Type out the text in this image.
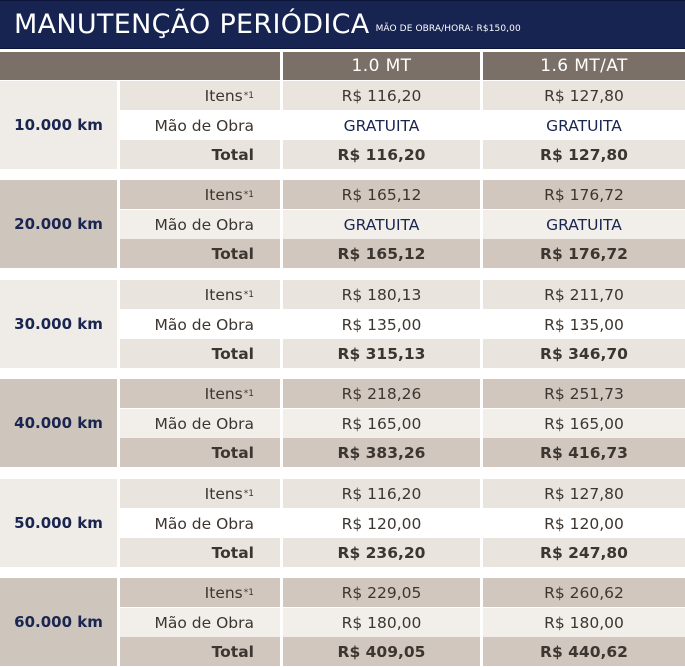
MANUTENÇÃO PERIÓDICA MÃO DE OBRA/HORA: R$150,00
1.0 MT	1.6 MT/AT
10.000 km
Itens *1	R$ 116,20	R$ 127,80
Mão de Obra	GRATUITA	GRATUITA
Total	R$ 116,20	R$ 127,80
20.000 km
Itens *1	R$ 165,12	R$ 176,72
Mão de Obra	GRATUITA	GRATUITA
Total	R$ 165,12	R$ 176,72
30.000 km
Itens *1	R$ 180,13	R$ 211,70
Mão de Obra	R$ 135,00	R$ 135,00
Total	R$ 315,13	R$ 346,70
40.000 km
Itens *1	R$ 218,26	R$ 251,73
Mão de Obra	R$ 165,00	R$ 165,00
Total	R$ 383,26	R$ 416,73
50.000 km
Itens *1	R$ 116,20	R$ 127,80
Mão de Obra	R$ 120,00	R$ 120,00
Total	R$ 236,20	R$ 247,80
60.000 km
Itens *1	R$ 229,05	R$ 260,62
Mão de Obra	R$ 180,00	R$ 180,00
Total	R$ 409,05	R$ 440,62
